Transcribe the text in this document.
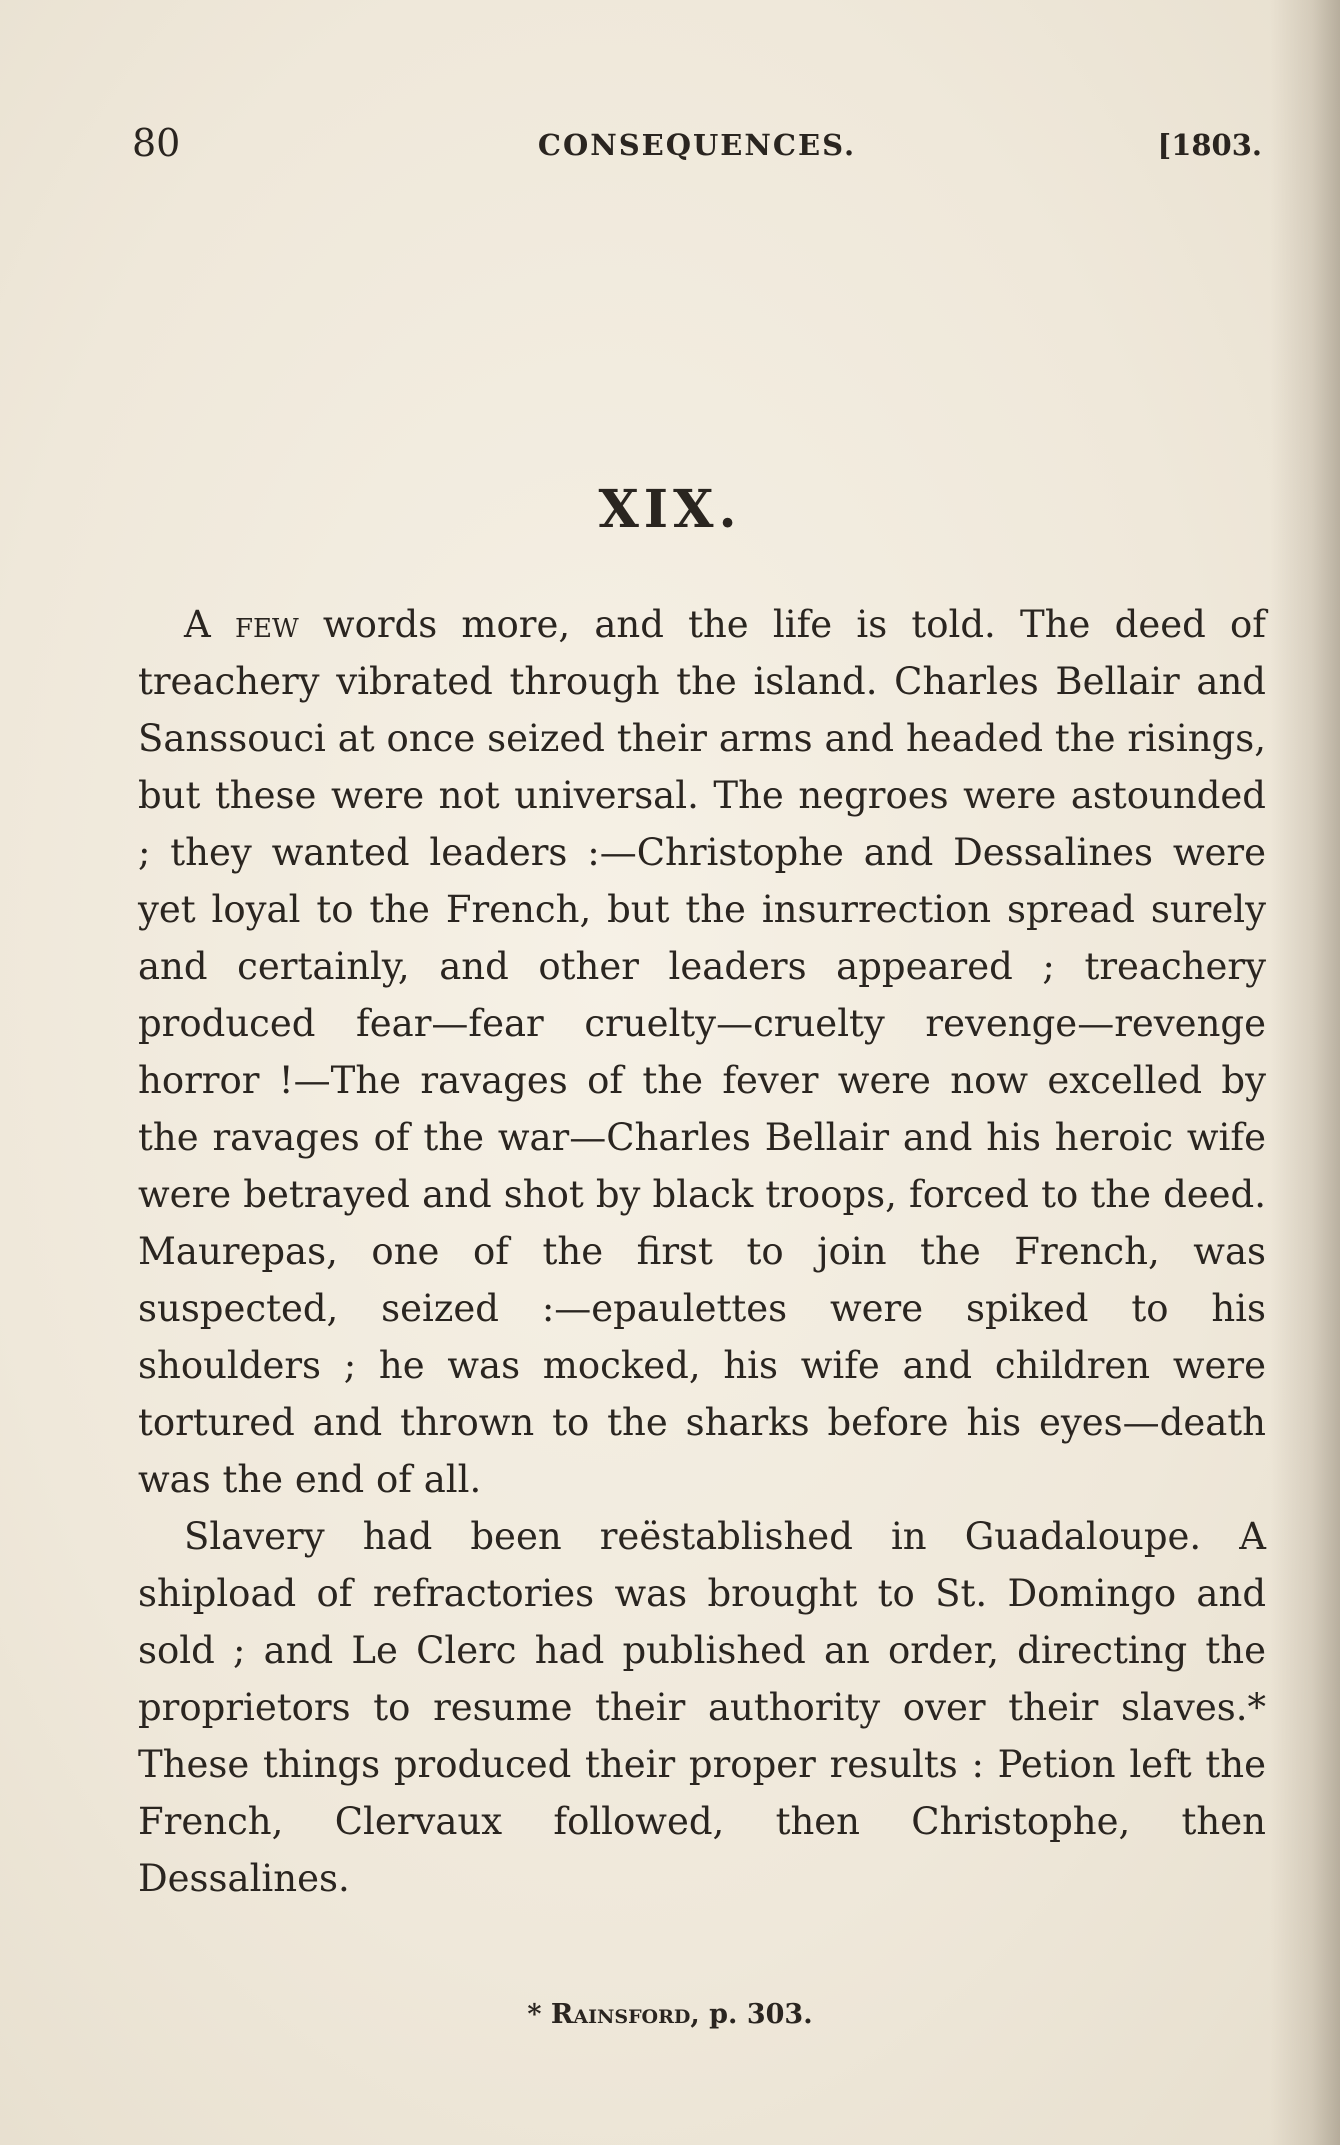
80	CONSEQUENCES.	[1803.
XIX.

A few words more, and the life is told. The deed of treachery vibrated through the island. Charles Bellair and Sanssouci at once seized their arms and headed the risings, but these were not universal. The negroes were astounded ; they wanted leaders :—Christophe and Dessalines were yet loyal to the French, but the insurrection spread surely and certainly, and other leaders appeared ; treachery produced fear—fear cruelty—cruelty revenge—revenge horror !—The ravages of the fever were now excelled by the ravages of the war—Charles Bellair and his heroic wife were betrayed and shot by black troops, forced to the deed. Maurepas, one of the first to join the French, was suspected, seized :—epaulettes were spiked to his shoulders ; he was mocked, his wife and children were tortured and thrown to the sharks before his eyes—death was the end of all.

Slavery had been reëstablished in Guadaloupe. A shipload of refractories was brought to St. Domingo and sold ; and Le Clerc had published an order, directing the proprietors to resume their authority over their slaves.* These things produced their proper results : Petion left the French, Clervaux followed, then Christophe, then Dessalines.

* Rainsford, p. 303.
